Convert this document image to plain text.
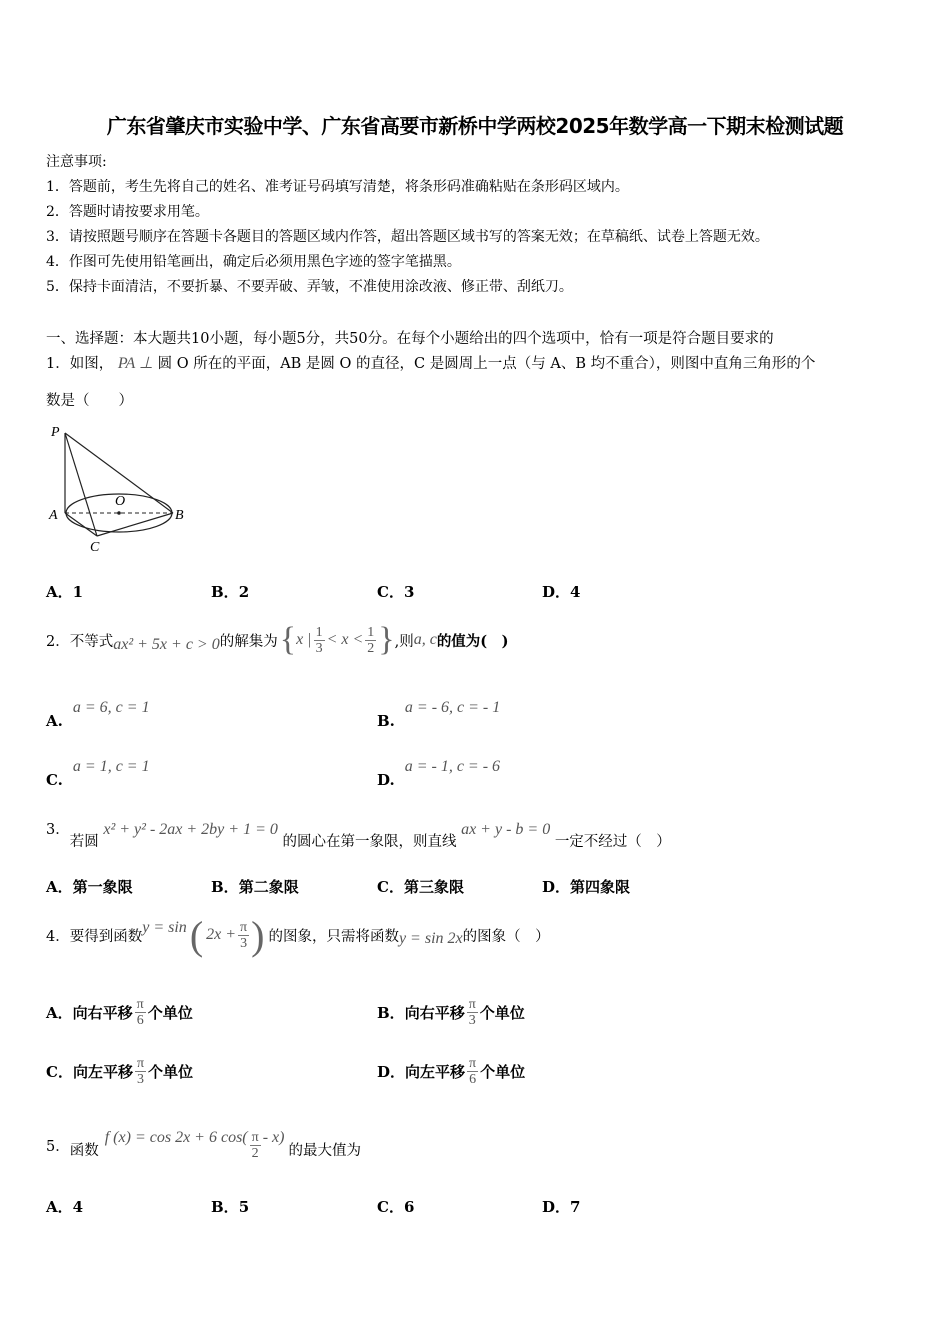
广东省肇庆市实验中学、广东省高要市新桥中学两校2025年数学高一下期末检测试题
注意事项:
1．答题前，考生先将自己的姓名、准考证号码填写清楚，将条形码准确粘贴在条形码区域内。
2．答题时请按要求用笔。
3．请按照题号顺序在答题卡各题目的答题区域内作答，超出答题区域书写的答案无效；在草稿纸、试卷上答题无效。
4．作图可先使用铅笔画出，确定后必须用黑色字迹的签字笔描黑。
5．保持卡面清洁，不要折暴、不要弄破、弄皱，不准使用涂改液、修正带、刮纸刀。
一、选择题：本大题共10小题，每小题5分，共50分。在每个小题给出的四个选项中，恰有一项是符合题目要求的
1．如图， PA ⊥ 圆 O 所在的平面，AB 是圆 O 的直径，C 是圆周上一点（与 A、B 均不重合），则图中直角三角形的个
数是（　　）
P
O
A	B
C
A．1	B．2	C．3	D．4
2． 不等式 ax² + 5x + c > 0 的解集为 { x | $\frac{1}{3} < x < \frac{1}{2}$ } ,则 a, c 的值为(　)
A.a = 6, c = 1
B.a = - 6, c = - 1
C.a = 1, c = 1
D.a = - 1, c = - 6
3．若圆 x² + y² - 2ax + 2by + 1 = 0 的圆心在第一象限，则直线 ax + y - b = 0 一定不经过（　）
A．第一象限	B．第二象限	C．第三象限	D．第四象限
4． 要得到函数
y = sin ( $2x + \frac{\pi}{3}$ ) 的图象，只需将函数 y = sin 2x 的图象（　）
A． 向右平移 $\frac{\pi}{6}$ 个单位	B． 向右平移 $\frac{\pi}{3}$ 个单位
C． 向左平移 $\frac{\pi}{3}$ 个单位	D． 向左平移 $\frac{\pi}{6}$ 个单位
5． 函数
f (x) = cos 2x + 6 $\cos( \frac{\pi}{2} - x)$
的最大值为
A．4	B．5	C．6	D．7
